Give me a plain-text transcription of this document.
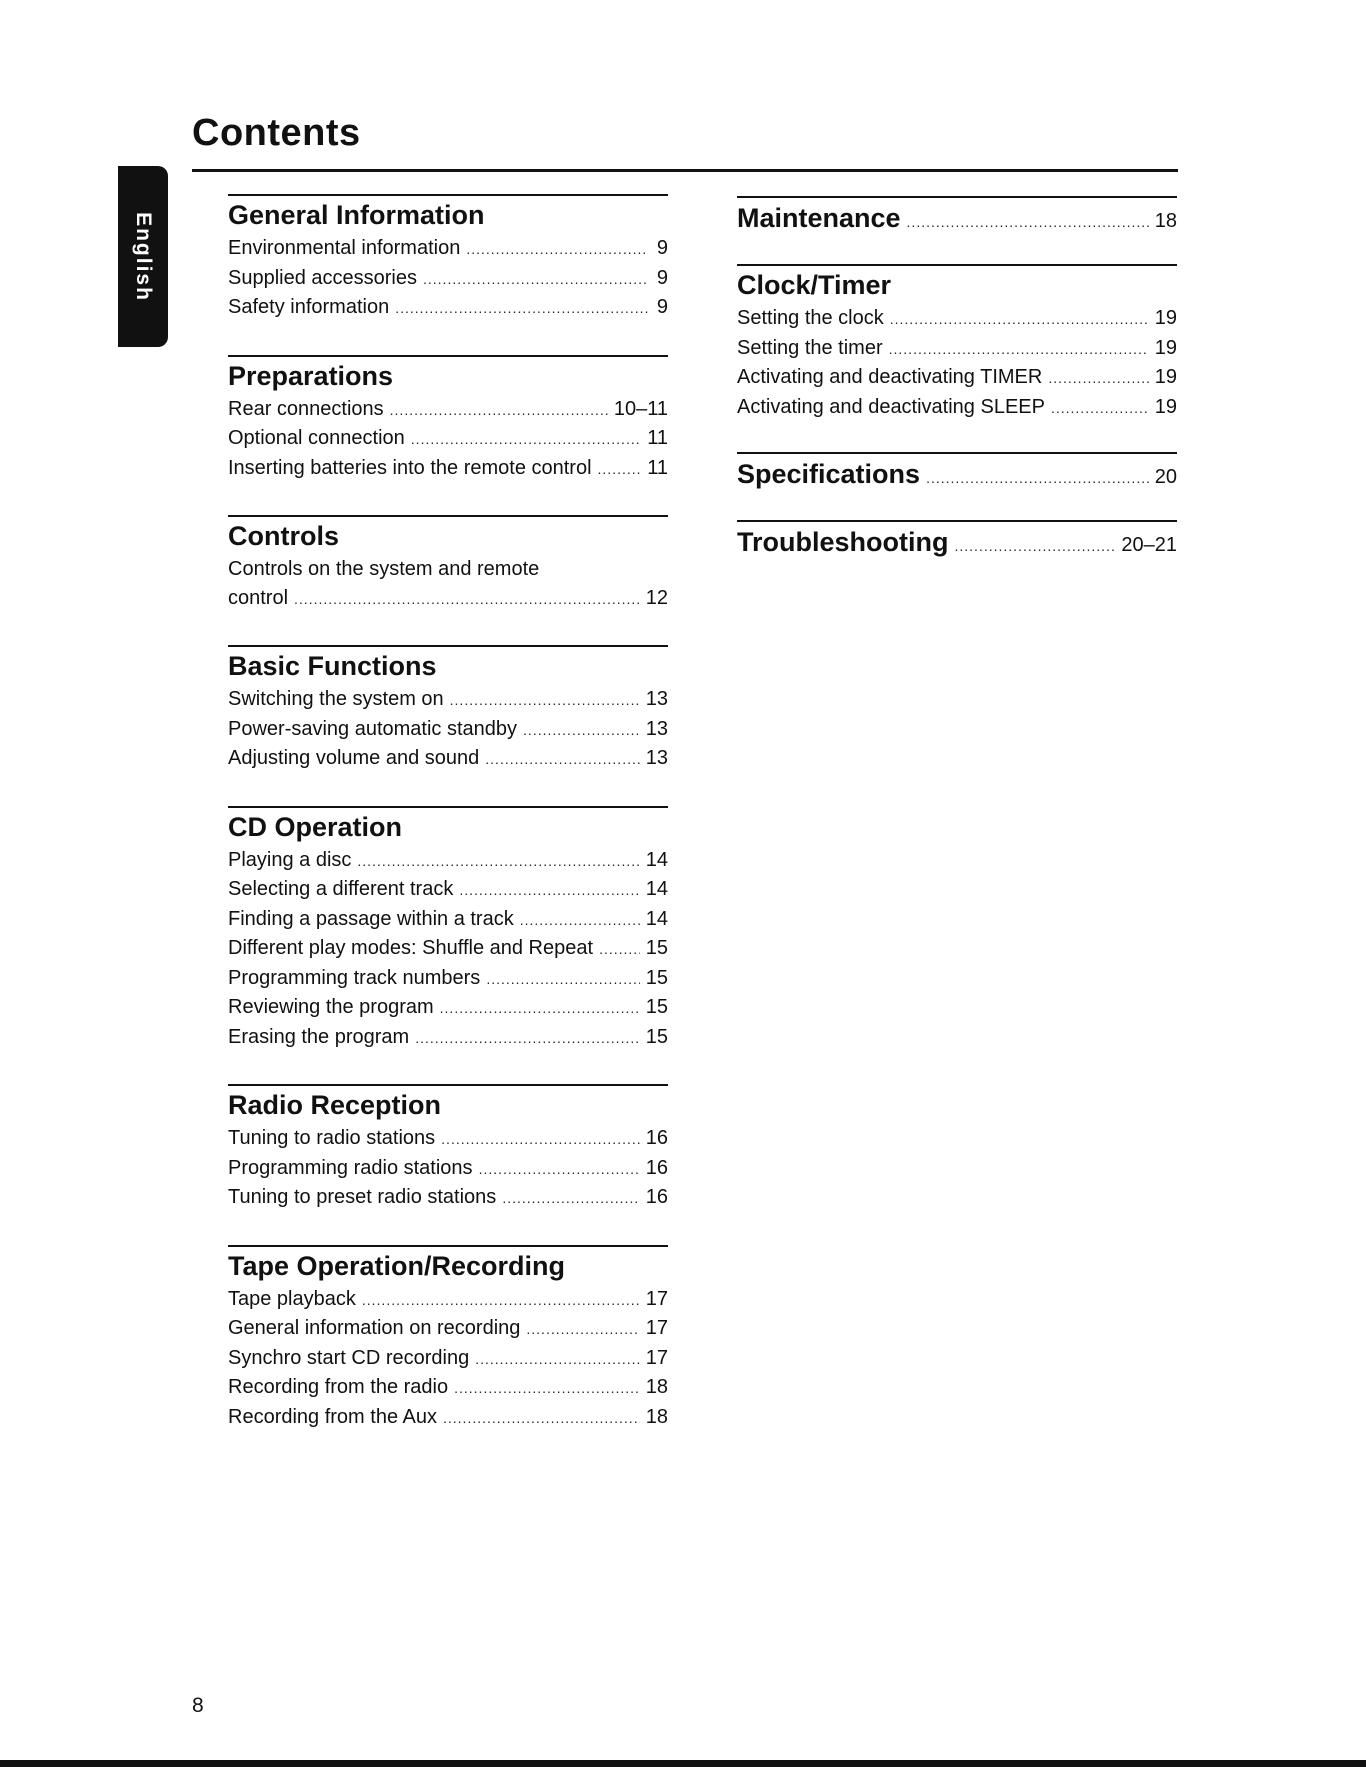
Contents
English	General Information
Environmental information .....	9
Supplied accessories .....	9
Safety information .....	9
Preparations
Rear connections .....	10–11
Optional connection .....	11
Inserting batteries into the remote control .....	11
Controls
Controls on the system and remote
control .....	12
Basic Functions
Switching the system on .....	13
Power-saving automatic standby .....	13
Adjusting volume and sound .....	13
CD Operation
Playing a disc .....	14
Selecting a different track .....	14
Finding a passage within a track .....	14
Different play modes: Shuffle and Repeat .....	15
Programming track numbers .....	15
Reviewing the program .....	15
Erasing the program .....	15
Radio Reception
Tuning to radio stations .....	16
Programming radio stations .....	16
Tuning to preset radio stations .....	16
Tape Operation/Recording
Tape playback .....	17
General information on recording .....	17
Synchro start CD recording .....	17
Recording from the radio .....	18
Recording from the Aux .....	18
Maintenance .....	18
Clock/Timer
Setting the clock .....	19
Setting the timer .....	19
Activating and deactivating TIMER .....	19
Activating and deactivating SLEEP .....	19
Specifications .....	20
Troubleshooting .....	20–21
8
